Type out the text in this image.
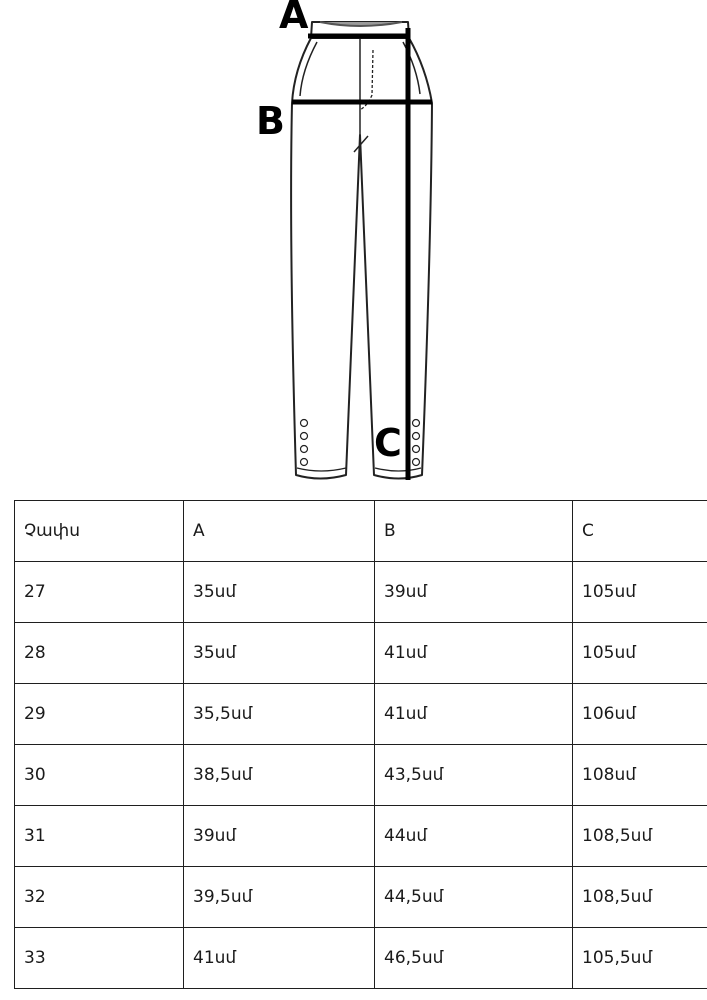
A
B
C
Չափս	A	B	C
27	35սմ	39սմ	105սմ
28	35սմ	41սմ	105սմ
29	35,5սմ	41սմ	106սմ
30	38,5սմ	43,5սմ	108սմ
31	39սմ	44սմ	108,5սմ
32	39,5սմ	44,5սմ	108,5սմ
33	41սմ	46,5սմ	105,5սմ
